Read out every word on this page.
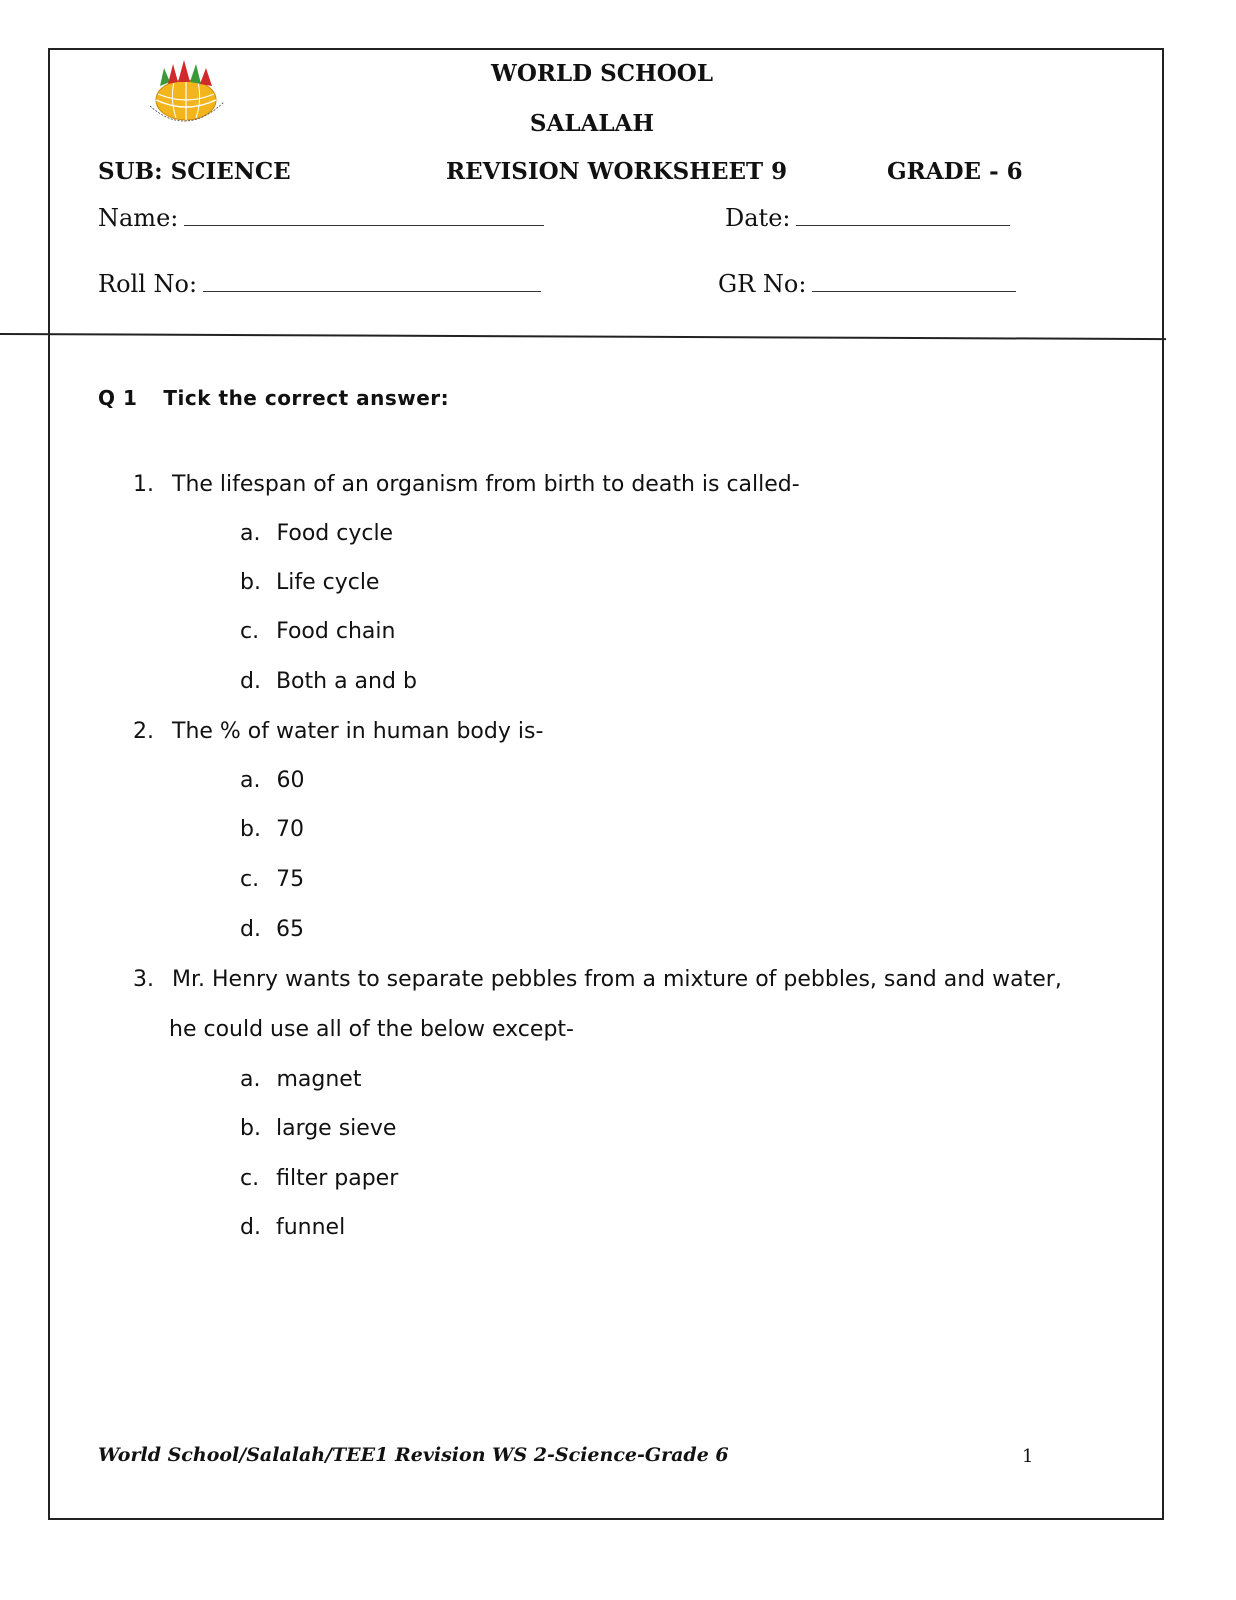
WORLD SCHOOL
SALALAH
SUB: SCIENCE	REVISION WORKSHEET 9	GRADE - 6
Name:	Date:
Roll No:	GR No:
Q 1 Tick the correct answer:
1. The lifespan of an organism from birth to death is called-
a. Food cycle
b. Life cycle
c. Food chain
d. Both a and b
2. The % of water in human body is-
a. 60
b. 70
c. 75
d. 65
3. Mr. Henry wants to separate pebbles from a mixture of pebbles, sand and water,
he could use all of the below except-
a. magnet
b. large sieve
c. filter paper
d. funnel
World School/Salalah/TEE1 Revision WS 2-Science-Grade 6	1
